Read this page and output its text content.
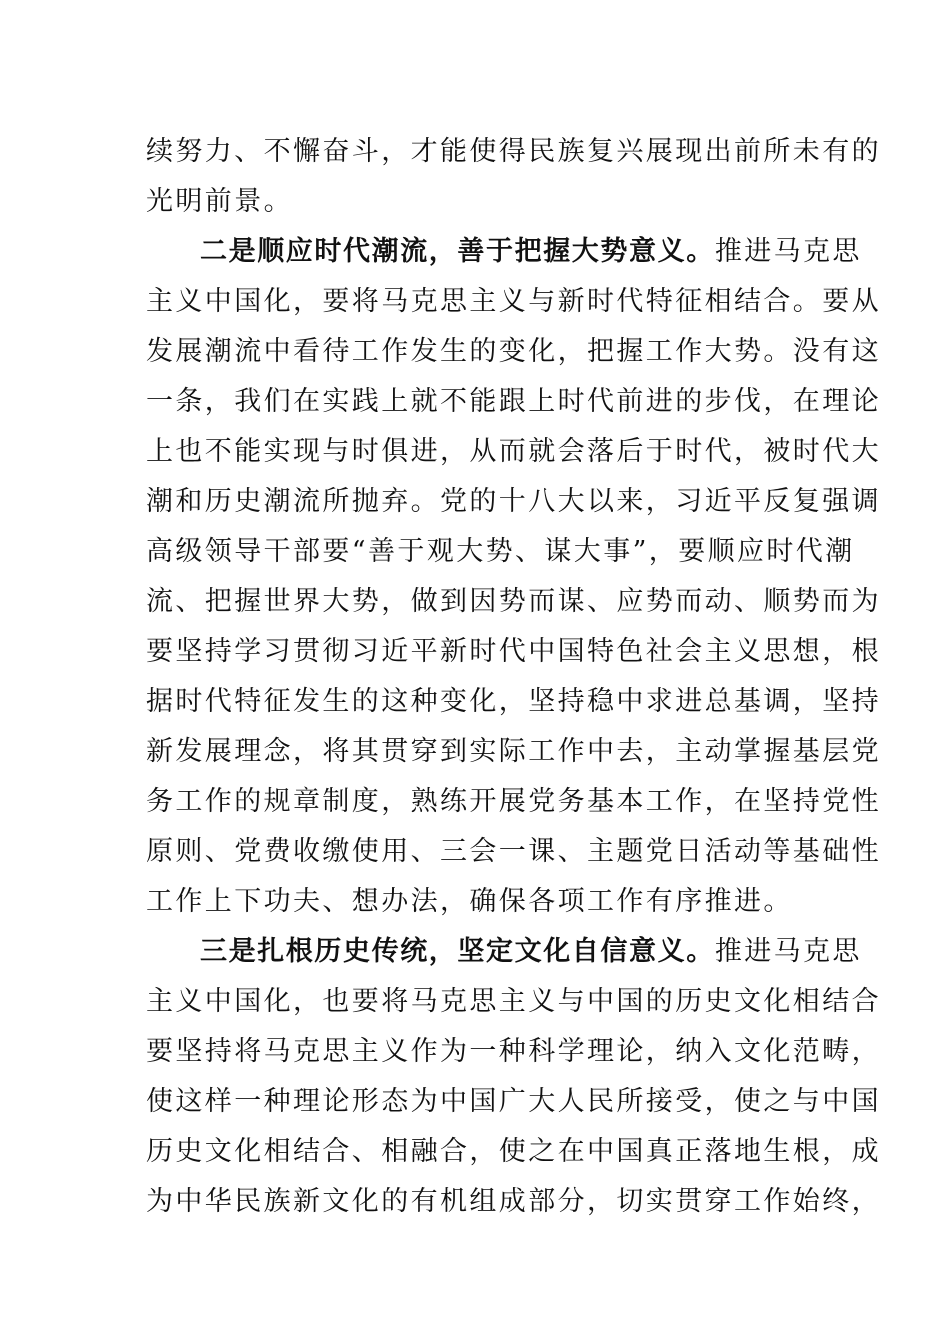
续努力、不懈奋斗，才能使得民族复兴展现出前所未有的
光明前景。
二是顺应时代潮流，善于把握大势意义。推进马克思
主义中国化，要将马克思主义与新时代特征相结合。要从
发展潮流中看待工作发生的变化，把握工作大势。没有这
一条，我们在实践上就不能跟上时代前进的步伐，在理论
上也不能实现与时俱进，从而就会落后于时代，被时代大
潮和历史潮流所抛弃。党的十八大以来，习近平反复强调
高级领导干部要“善于观大势、谋大事”，要顺应时代潮
流、把握世界大势，做到因势而谋、应势而动、顺势而为
要坚持学习贯彻习近平新时代中国特色社会主义思想，根
据时代特征发生的这种变化，坚持稳中求进总基调，坚持
新发展理念，将其贯穿到实际工作中去，主动掌握基层党
务工作的规章制度，熟练开展党务基本工作，在坚持党性
原则、党费收缴使用、三会一课、主题党日活动等基础性
工作上下功夫、想办法，确保各项工作有序推进。
三是扎根历史传统，坚定文化自信意义。推进马克思
主义中国化，也要将马克思主义与中国的历史文化相结合
要坚持将马克思主义作为一种科学理论，纳入文化范畴，
使这样一种理论形态为中国广大人民所接受，使之与中国
历史文化相结合、相融合，使之在中国真正落地生根，成
为中华民族新文化的有机组成部分，切实贯穿工作始终，
